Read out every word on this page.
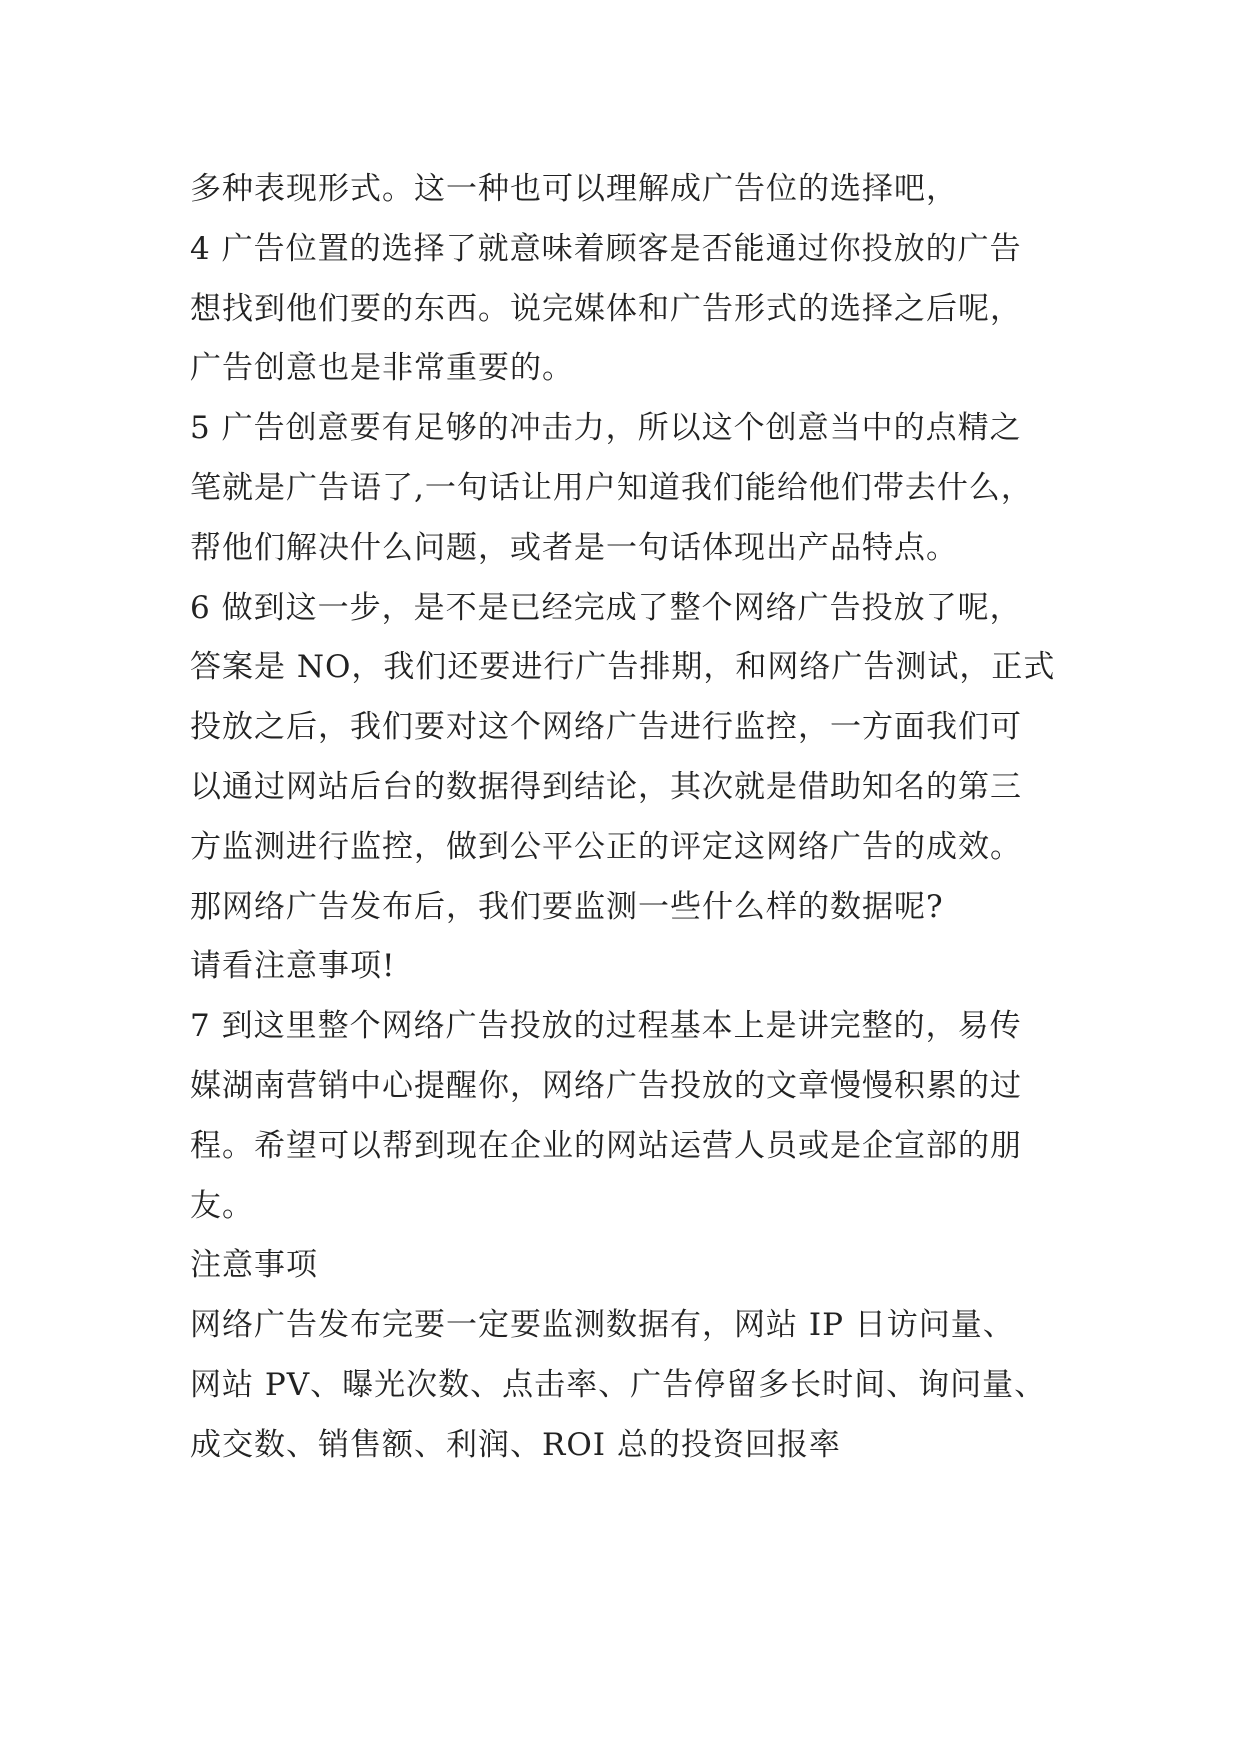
多种表现形式。这一种也可以理解成广告位的选择吧，
4 广告位置的选择了就意味着顾客是否能通过你投放的广告
想找到他们要的东西。说完媒体和广告形式的选择之后呢，
广告创意也是非常重要的。
5 广告创意要有足够的冲击力，所以这个创意当中的点精之
笔就是广告语了,一句话让用户知道我们能给他们带去什么，
帮他们解决什么问题，或者是一句话体现出产品特点。
6 做到这一步，是不是已经完成了整个网络广告投放了呢，
答案是 NO，我们还要进行广告排期，和网络广告测试，正式
投放之后，我们要对这个网络广告进行监控，一方面我们可
以通过网站后台的数据得到结论，其次就是借助知名的第三
方监测进行监控，做到公平公正的评定这网络广告的成效。
那网络广告发布后，我们要监测一些什么样的数据呢?
请看注意事项!
7 到这里整个网络广告投放的过程基本上是讲完整的，易传
媒湖南营销中心提醒你，网络广告投放的文章慢慢积累的过
程。希望可以帮到现在企业的网站运营人员或是企宣部的朋
友。
注意事项
网络广告发布完要一定要监测数据有，网站 IP 日访问量、
网站 PV、曝光次数、点击率、广告停留多长时间、询问量、
成交数、销售额、利润、ROI 总的投资回报率
